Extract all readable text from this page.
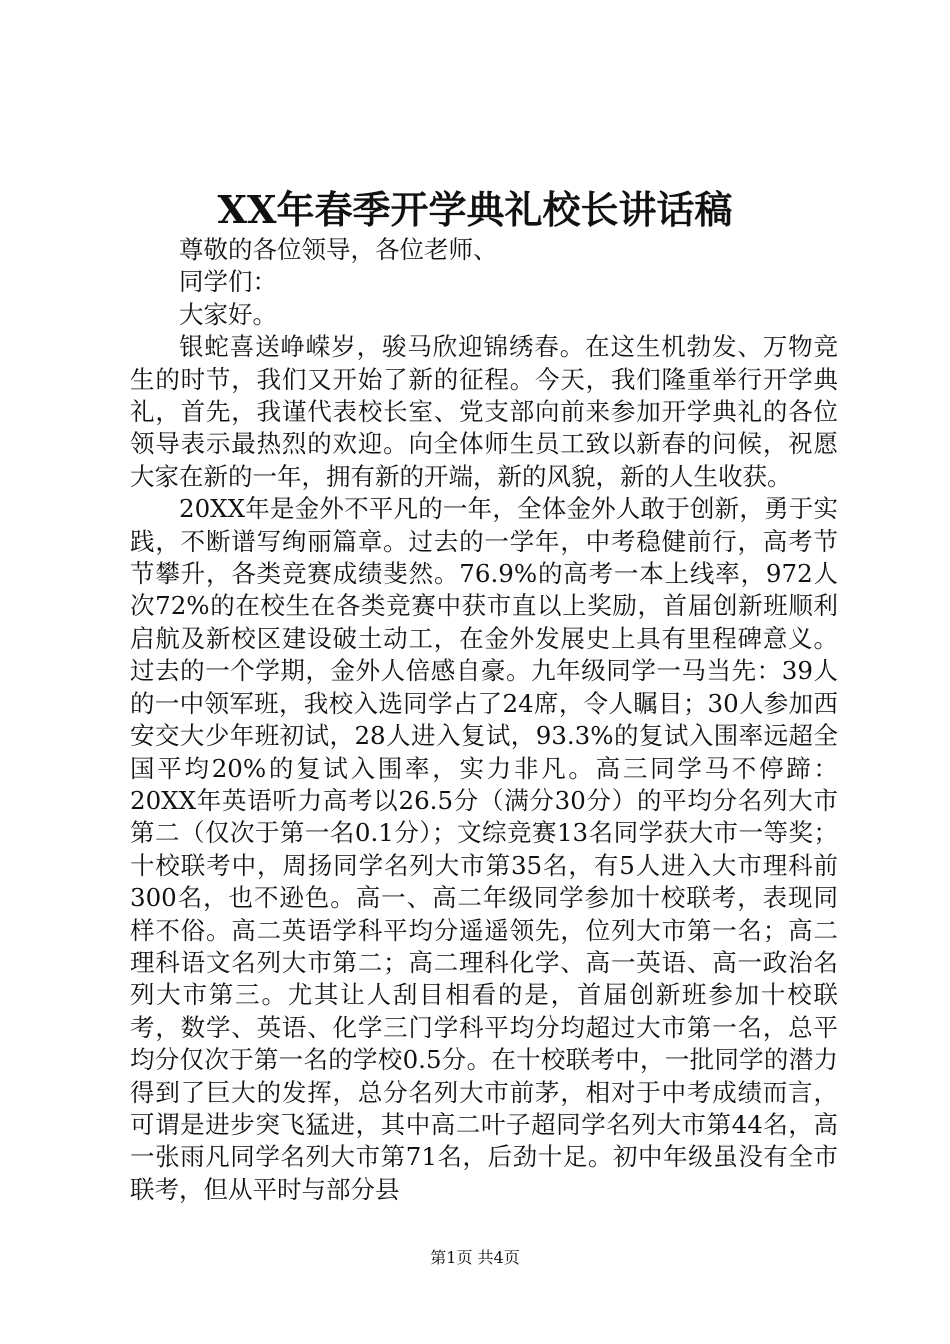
XX年春季开学典礼校长讲话稿

尊敬的各位领导，各位老师、

同学们：

大家好。

银蛇喜送峥嵘岁，骏马欣迎锦绣春。在这生机勃发、万物竞生的时节，我们又开始了新的征程。今天，我们隆重举行开学典礼，首先，我谨代表校长室、党支部向前来参加开学典礼的各位领导表示最热烈的欢迎。向全体师生员工致以新春的问候，祝愿大家在新的一年，拥有新的开端，新的风貌，新的人生收获。

20XX年是金外不平凡的一年，全体金外人敢于创新，勇于实践，不断谱写绚丽篇章。过去的一学年，中考稳健前行，高考节节攀升，各类竞赛成绩斐然。76.9%的高考一本上线率，972人次72%的在校生在各类竞赛中获市直以上奖励，首届创新班顺利启航及新校区建设破土动工，在金外发展史上具有里程碑意义。过去的一个学期，金外人倍感自豪。九年级同学一马当先：39人的一中领军班，我校入选同学占了24席，令人瞩目；30人参加西安交大少年班初试，28人进入复试，93.3%的复试入围率远超全国平均20%的复试入围率，实力非凡。高三同学马不停蹄：20XX年英语听力高考以26.5分（满分30分）的平均分名列大市第二（仅次于第一名0.1分）；文综竞赛13名同学获大市一等奖；十校联考中，周扬同学名列大市第35名，有5人进入大市理科前300名，也不逊色。高一、高二年级同学参加十校联考，表现同样不俗。高二英语学科平均分遥遥领先，位列大市第一名；高二理科语文名列大市第二；高二理科化学、高一英语、高一政治名列大市第三。尤其让人刮目相看的是，首届创新班参加十校联考，数学、英语、化学三门学科平均分均超过大市第一名，总平均分仅次于第一名的学校0.5分。在十校联考中，一批同学的潜力得到了巨大的发挥，总分名列大市前茅，相对于中考成绩而言，可谓是进步突飞猛进，其中高二叶子超同学名列大市第44名，高一张雨凡同学名列大市第71名，后劲十足。初中年级虽没有全市联考，但从平时与部分县

第1页 共4页
